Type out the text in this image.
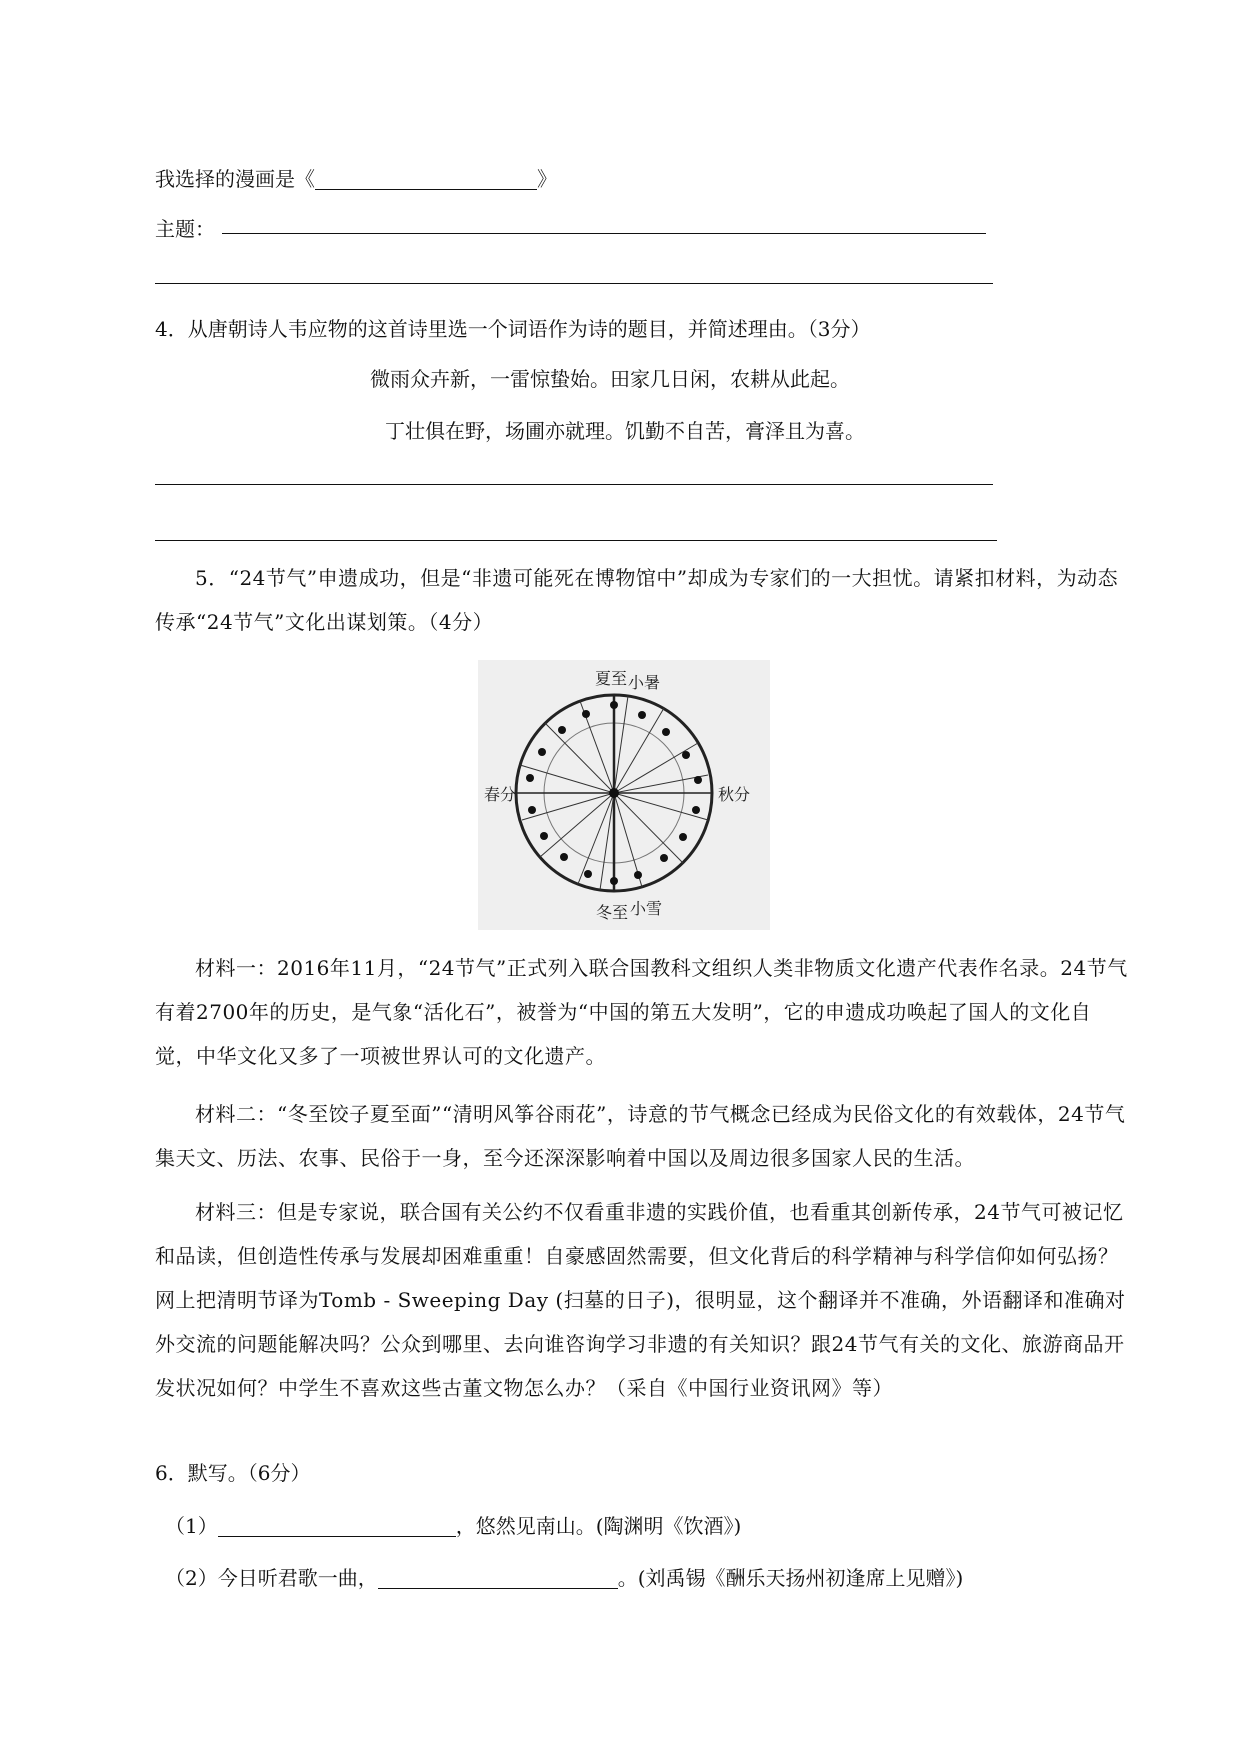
我选择的漫画是《	》
主题：
4．从唐朝诗人韦应物的这首诗里选一个词语作为诗的题目，并简述理由。（3分）
微雨众卉新，一雷惊蛰始。田家几日闲，农耕从此起。
丁壮俱在野，场圃亦就理。饥勤不自苦，膏泽且为喜。
5．“24节气”申遗成功，但是“非遗可能死在博物馆中”却成为专家们的一大担忧。请紧扣材料，为动态传承“24节气”文化出谋划策。（4分）
夏至 小暑
春分	秋分
冬至 小雪
材料一：2016年11月，“24节气”正式列入联合国教科文组织人类非物质文化遗产代表作名录。24节气有着2700年的历史，是气象“活化石”，被誉为“中国的第五大发明”，它的申遗成功唤起了国人的文化自觉，中华文化又多了一项被世界认可的文化遗产。
材料二：“冬至饺子夏至面”“清明风筝谷雨花”，诗意的节气概念已经成为民俗文化的有效载体，24节气集天文、历法、农事、民俗于一身，至今还深深影响着中国以及周边很多国家人民的生活。
材料三：但是专家说，联合国有关公约不仅看重非遗的实践价值，也看重其创新传承，24节气可被记忆和品读，但创造性传承与发展却困难重重！自豪感固然需要，但文化背后的科学精神与科学信仰如何弘扬？网上把清明节译为Tomb - Sweeping Day (扫墓的日子)，很明显，这个翻译并不准确，外语翻译和准确对外交流的问题能解决吗？公众到哪里、去向谁咨询学习非遗的有关知识？跟24节气有关的文化、旅游商品开发状况如何？中学生不喜欢这些古董文物怎么办？（采自《中国行业资讯网》等）
6．默写。（6分）
（1）	，悠然见南山。(陶渊明《饮酒》)
（2）今日听君歌一曲，	。(刘禹锡《酬乐天扬州初逢席上见赠》)
